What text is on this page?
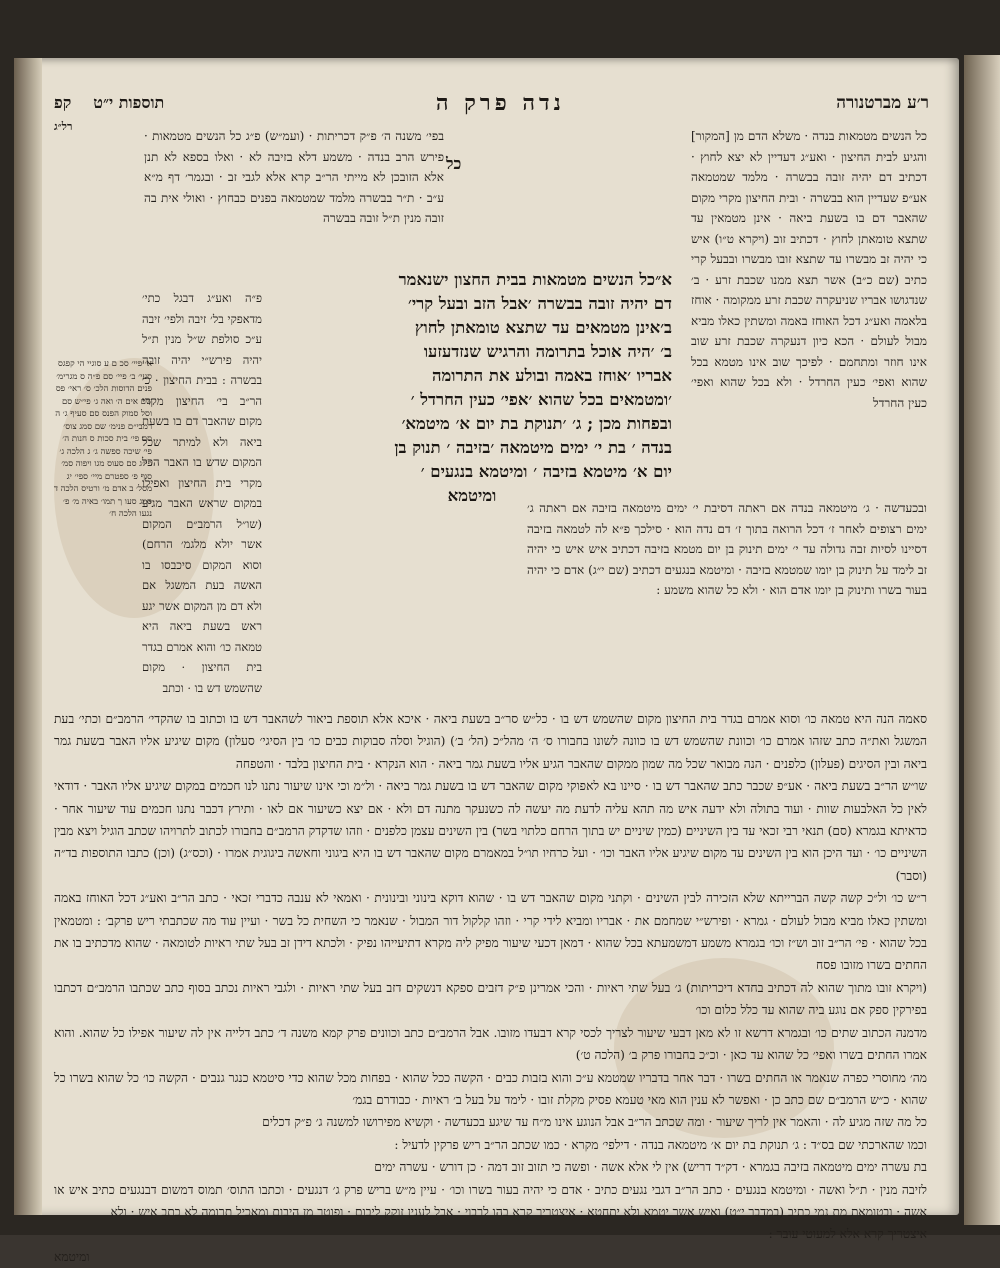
ר׳ע מברטנורה
נדה פרק ה
תוספות י״ט
קפ
רל״ג
כל

כל הנשים מטמאות בנדה · משלא הדם מן [המקור] והגיע לבית החיצון · ואע״ג דעדיין לא יצא לחוץ · דכתיב דם יהיה זובה בבשרה · מלמד שמטמאה אע״פ שעדיין הוא בבשרה · ובית החיצון מקרי מקום שהאבר דם בו בשעת ביאה · אינן מטמאין עד שתצא טומאתן לחוץ · דכתיב זוב (ויקרא ט״ו) איש כי יהיה זב מבשרו עד שתצא זובו מבשרו ובבעל קרי כתיב (שם כ״ב) אשר תצא ממנו שכבת זרע · ב׳ שנדגושו אבריו שניעקרה שכבת זרע ממקומה · אוחז בלאמה ואע״ג דכל האוחז באמה ומשתין כאלו מביא מבול לעולם · הכא כיון דנעקרה שכבת זרע שוב אינו חוזר ומתחמם · לפיכך שוב אינו מטמא בכל שהוא ואפי׳ כעין החרדל · ולא בכל שהוא ואפי׳ כעין החרדל

ובכעדשה · ג׳ מיטמאה בנדה אם ראתה דסיבת י׳ ימים מיטמאה בזיבה אם ראתה ג׳ ימים רצופים לאחר ז׳ דכל הרואה בתוך ז׳ דם נדה הוא · סילכך פ״א לה לטמאה בזיבה דסיינו לסיות זבה גדולה עד י׳ ימים תינוק בן יום מטמא בזיבה דכתיב איש איש כי יהיה זב לימד על תינוק בן יומו שמטמא בזיבה · ומיטמא בנגעים דכתיב (שם י״ג) אדם כי יהיה בעור בשרו ותינוק בן יומו אדם הוא · ולא כל שהוא משמע :

בפי׳ משנה ה׳ פ״ק דכריתות · (ועמ״ש) פ״ג כל הנשים מטמאות · פירש הרב בנדה · משמע דלא בזיבה לא · ואלו בספא לא תנן אלא הזובכן לא מייתי הר״ב קרא אלא לגבי זב · ובגמר׳ דף מ״א ע״ב · ת״ר בבשרה מלמד שמטמאה בפנים כבחוץ · ואולי אית בה זובה מנין ת״ל זובה בבשרה

פ״ה ואע״ג דבגל כתי׳ מדאפקי בל׳ זיבה ולפי׳ זיבה ע״כ סולפת ש״ל מנין ת״ל יהיה פירש״י יהיה זובה בבשרה : בבית החיצון · כ׳ הר״ב בי׳ החיצון מקרי מקום שהאבר דם בו בשעת ביאה ולא למיתר שכל המקום שדש בו האבר הכל מקרי בית החיצון ואפילו במקום שראש האבר מגיע (שו״ל הרמב״ם המקום אשר יולא מלגמ׳ הרחם) וסוא המקום סיכבסו בו האשה בעת המשגל אם ולא דם מן המקום אשר יגע ראש בשעת ביאה היא טמאה כו׳ והוא אמרם בגדר בית החיצון · מקום שהשמש דש בו · וכתב

א״כל הנשים מטמאות בבית החצון ישנאמר
דם יהיה זובה בבשרה ׳אבל הזב ובעל קרי׳
ב׳אינן מטמאים עד שתצא טומאתן לחוץ
ב׳ ׳היה אוכל בתרומה והרגיש שנזדעזעו
אבריו ׳אוחז באמה ובולע את התרומה
׳ומטמאים בכל שהוא ׳אפי׳ כעין החרדל ׳
ובפחות מכן ; ג׳ ׳תנוקת בת יום א׳ מיטמא׳
בנדה ׳ בת י׳ ימים מיטמאה ׳בזיבה ׳ תנוק בן
יום א׳ מיטמא בזיבה ׳ ומיטמא בנגעים ׳
ומיטמא
א׳ פיי׳ סכ ם ע סוגיי הי קפגס סעי׳ ב׳ פיי׳ סם פ״ה ס מגרימ׳ פנים הדוסות הלכ׳ ס׳ ראי׳ פס שם אים ה׳ ואה ג׳ פי״ש סם וסל סמוק הפנס סם סעיף ג׳ ה רמבי״ם פנימ׳ שם סמג צוס׳ סם פי׳ בית סכות ס חנות ה׳ פי׳ שיכה ספשה ג׳ ג הלכה ג׳ פי״ג סם סעוס מגו ויפוה סמ׳ סוף פ׳ ספטרם מיי׳ ספי׳ יג מסל׳ ב אדם מ׳ ורטיס הלכה ד סמג סעו ך תמו׳ באיה מ׳ פ׳ נגעו הלכה ח׳

סאמה הנה היא טמאה כו׳ וסוא אמרם בגדר בית החיצון מקום שהשמש דש בו · כל״ש סר״ב בשעת ביאה · איכא אלא תוספת ביאור לשהאבר דש בו וכתוב בו שהקדי׳ הרמב״ם וכתי׳ בעת המשגל ואת״ה כתב שזהו אמרם כו׳ וכוונת שהשמש דש בו כוונה לשונו בחבורו ס׳ ה׳ מהל״כ (הל׳ ב׳) (הוגיל וסלה סבוקות כבים כו׳ בין הסיגי׳ סעלון) מקום שיגיע אליו האבר בשעת גמר ביאה ובין הסיגים (פעלון) כלפנים · הנה מבואר שכל מה שמון ממקום שהאבר הגיע אליו בשעת גמר ביאה · הוא הנקרא · בית החיצון בלבד · והטפחה

שו״ש הר״ב בשעת ביאה · אע״פ שכבר כתב שהאבר דש בו · סיינו בא לאפוקי מקום שהאבר דש בו בשעת גמר ביאה · ול״מ וכי אינו שיעור נתנו לנו חכמים במקום שיגיע אליו האבר · דודאי לאין כל האלבעות שוות · ועוד בתולה ולא ידעה איש מה תהא עליה לדעת מה יעשה לה כשנעקר מתנה דם ולא · אם יצא כשיעור אם לאו · ותירץ דכבר נתנו חכמים עוד שיעור אחר · כדאיתא בגמרא (סם) תנאי רבי זכאי עד בין השיניים (כמין שיניים יש בתוך הרחם כלתוי בשר) בין השינים עצמן כלפנים · וזהו שדקדק הרמב״ם בחבורו לכתוב לתרויהו שכתב הוגיל ויצא מבין השיניים כו׳ · ועד היכן הוא בין השינים עד מקום שיגיע אליו האבר וכו׳ · ועל כרחיו תו״ל במאמרם מקום שהאבר דש בו היא ביגוני וחאשה ביגוגית אמרו · (וכס״ג) (וכן) כתבו התוספות בד״ה (וסבר)

ר״ש כו׳ ול״כ קשה קשה הברייתא שלא הזכירה לבין השינים · וקתני מקום שהאבר דש בו · שהוא דוקא בינוני ובינונית · ואמאי לא ענבה כדברי זכאי · כתב הר״ב ואע״ג דכל האוחז באמה ומשתין כאלו מביא מבול לעולם · גמרא · ופירש״י שמחמם את · אבריו ומביא לידי קרי · וזהו קלקול דור המבול · שנאמר כי השחית כל בשר · ועיין עוד מה שכתבתי ריש פרקב׳ : ומטמאין בכל שהוא · פי׳ הר״ב זוב וש״ז וכו׳ בגמרא משמע דמשמעתא בכל שהוא · דמאן דכעי שיעור מפיק ליה מקרא דתיעייהו נפיק · ולכתא דידן זב בעל שתי ראיות לטומאה · שהוא מדכתיב בו את החתים בשרו מזובו פסח

(ויקרא זובו מתוך שהוא לה דכתיב בחדא דיכריתות) ג׳ בעל שתי ראיות · והכי אמרינן פ״ק דזבים ספקא דנשקים דזב בעל שתי ראיות · ולגבי ראיות נכתב בסוף כתב שכתבו הרמב״ם דכתבו בפירקין ספק אם נוגע ביה שהוא עד כלל כלום וכו׳

מדמנה הכתוב שתים כו׳ ובגמרא דרשא זו לא מאן דבעי שיעור לצריך לכסי קרא דבעדו מזובו. אבל הרמב״ם כתב וכוונים פרק קמא משנה ד׳ כתב דלייה אין לה שיעור אפילו כל שהוא. והוא אמרו החתים בשרו ואפי׳ כל שהוא עד כאן · וכ״כ בחבורו פרק ב׳ (הלכה ט׳)

מה׳ מחוסרי כפרה שנאמר או החתים בשרו · דבר אחר בדבריו שמטמא ע״כ והוא בזבות כבים · הקשה ככל שהוא · בפחות מכל שהוא כדי סיטמא כנגר גנבים · הקשה כו׳ כל שהוא בשרו כל שהוא · כ״ש הרמב״ם שם כתב כן · ואפשר לא ענין הוא מאי טעמא פסיק מקלת זובו · לימד על בעל ב׳ ראיות · כבודרם בגמ׳

כל מה שזה מגיע לה · והאמר אין לריך שיעור · ומה שכתב הר״ב אבל הנוגע אינו מ״ח עד שיגע בכעדשה · וקשיא מפירושו למשנה ג׳ פ״ק דכלים

וכמו שהארכתי שם בס״ד : ג׳ תנוקת בת יום א׳ מיטמאה בנדה · דילפי׳ מקרא · כמו שכתב הר״ב ריש פרקין לדעיל :

בת עשרה ימים מיטמאה בזיבה בגמרא · דק״ד דריש) אין לי אלא אשה · ופשה כי תזוב זוב דמה · כן דורש · עשרה ימים

לזיבה מנין · ת״ל ואשה · ומיטמא בנגעים · כתב הר״ב דגבי נגעים כתיב · אדם כי יהיה בעור בשרו וכו׳ · עיין מ״ש בריש פרק ג׳ דנגעים · וכתבו התוס׳ תמוס דמשום דבנגעים כתיב איש או אשה · ובטומאת מת נמי כתיב (במדבר י״ט) ואיש אשר יטמא ולא יתחטא · איצטריך קרא בהו לרבוי · אבל לענין זוקק ליבום · ופוטר מן היבום ומאכיל תרומה לא כתב איש · ולא

איצטריך קרא אלא למעוטי עובר :

ומיטמא
